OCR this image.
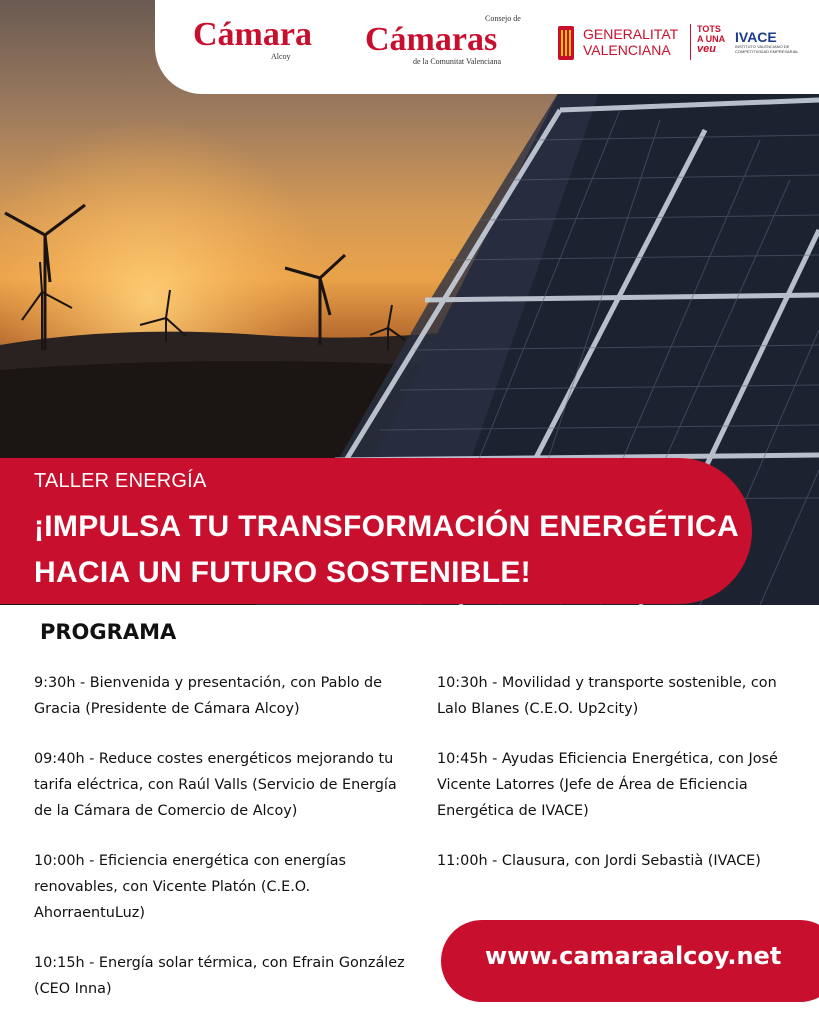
Cámara
Alcoy
Consejo de
Cámaras
de la Comunitat Valenciana
GENERALITAT
VALENCIANA
TOTS
A UNA
veu
IVACE
INSTITUTO VALENCIANO DE
COMPETITIVIDAD EMPRESARIAL
TALLER ENERGÍA
¡IMPULSA TU TRANSFORMACIÓN ENERGÉTICA
HACIA UN FUTURO SOSTENIBLE!
PROGRAMA
9:30h - Bienvenida y presentación, con Pablo de Gracia (Presidente de Cámara Alcoy)
09:40h - Reduce costes energéticos mejorando tu tarifa eléctrica, con Raúl Valls (Servicio de Energía de la Cámara de Comercio de Alcoy)
10:00h - Eficiencia energética con energías renovables, con Vicente Platón (C.E.O. AhorraentuLuz)
10:15h - Energía solar térmica, con Efrain González (CEO Inna)
10:30h - Movilidad y transporte sostenible, con Lalo Blanes (C.E.O. Up2city)
10:45h - Ayudas Eficiencia Energética, con José Vicente Latorres (Jefe de Área de Eficiencia Energética de IVACE)
11:00h - Clausura, con Jordi Sebastià (IVACE)
www.camaraalcoy.net
